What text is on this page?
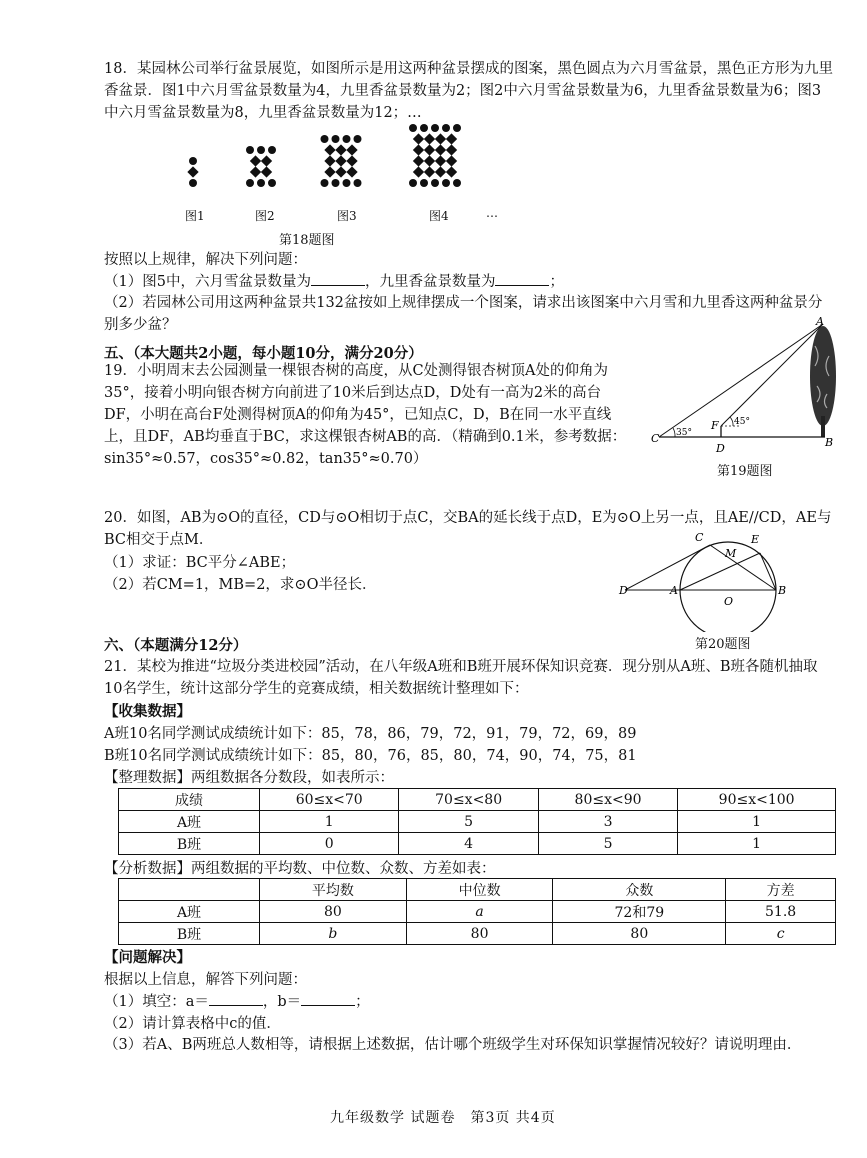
18．某园林公司举行盆景展览，如图所示是用这两种盆景摆成的图案，黑色圆点为六月雪盆景，黑色正方形为九里香盆景．图1中六月雪盆景数量为4，九里香盆景数量为2；图2中六月雪盆景数量为6，九里香盆景数量为6；图3中六月雪盆景数量为8，九里香盆景数量为12；…
图1	图2	图3	图4	…
第18题图
按照以上规律，解决下列问题：
（1）图5中，六月雪盆景数量为	，九里香盆景数量为	；
（2）若园林公司用这两种盆景共132盆按如上规律摆成一个图案，请求出该图案中六月雪和九里香这两种盆景分别多少盆？
五、（本大题共2小题，每小题10分，满分20分）
19．小明周末去公园测量一棵银杏树的高度，从C处测得银杏树顶A处的仰角为35°，接着小明向银杏树方向前进了10米后到达点D，D处有一高为2米的高台DF，小明在高台F处测得树顶A的仰角为45°，已知点C，D，B在同一水平直线上，且DF，AB均垂直于BC，求这棵银杏树AB的高．（精确到0.1米，参考数据：sin35°≈0.57，cos35°≈0.82，tan35°≈0.70）
A
B
C
D
F
35°
45°
第19题图
20．如图，AB为⊙O的直径，CD与⊙O相切于点C，交BA的延长线于点D，E为⊙O上另一点，且AE//CD，AE与BC相交于点M．
（1）求证：BC平分∠ABE；
（2）若CM=1，MB=2，求⊙O半径长．	D	A	B
C	E
M
O
第20题图
六、（本题满分12分）
21．某校为推进“垃圾分类进校园”活动，在八年级A班和B班开展环保知识竞赛．现分别从A班、B班各随机抽取10名学生，统计这部分学生的竞赛成绩，相关数据统计整理如下：
【收集数据】
A班10名同学测试成绩统计如下：85，78，86，79，72，91，79，72，69，89
B班10名同学测试成绩统计如下：85，80，76，85，80，74，90，74，75，81
【整理数据】两组数据各分数段，如表所示：
成绩	60≤x<70	70≤x<80	80≤x<90	90≤x<100
A班	1	5	3	1
B班	0	4	5	1
【分析数据】两组数据的平均数、中位数、众数、方差如表：
	平均数	中位数	众数	方差
A班	80	a	72和79	51.8
B班	b	80	80	c
【问题解决】
根据以上信息，解答下列问题：
（1）填空：a＝	，b＝	；
（2）请计算表格中c的值．
（3）若A、B两班总人数相等，请根据上述数据，估计哪个班级学生对环保知识掌握情况较好？请说明理由．
九年级数学 试题卷　第3页 共4页
